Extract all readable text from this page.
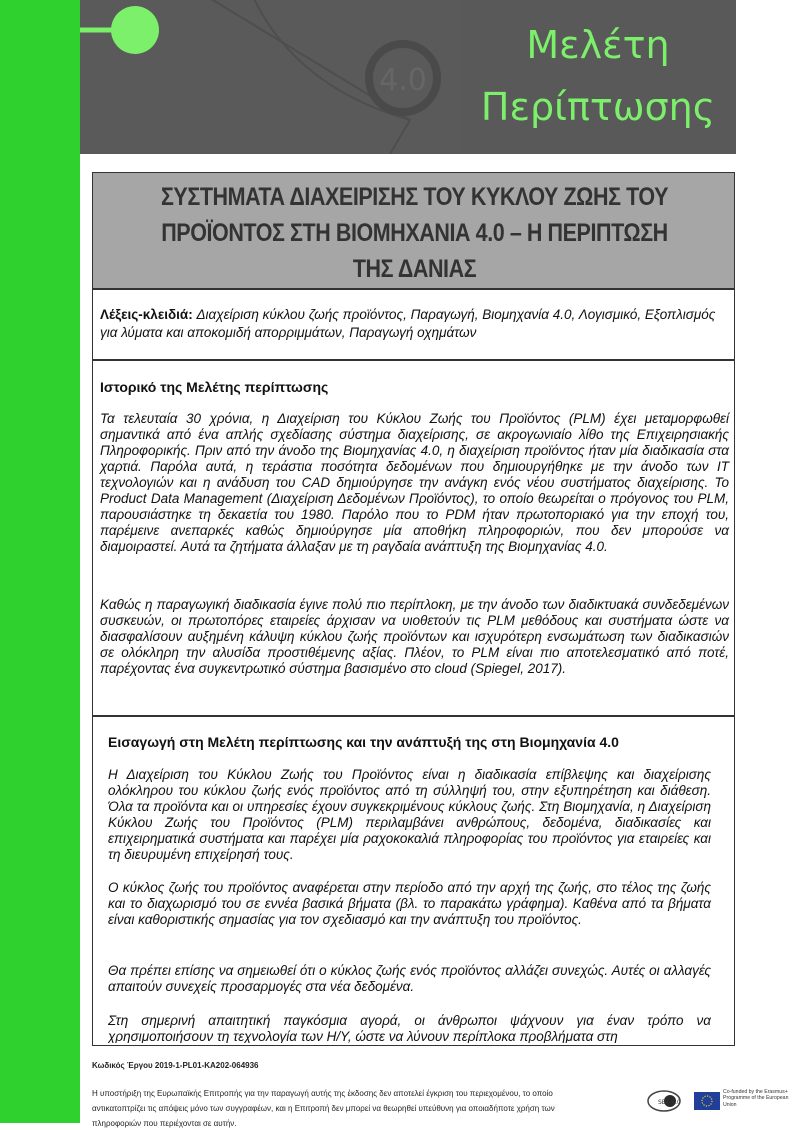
4.0
Μελέτη
Περίπτωσης
ΣΥΣΤΗΜΑΤΑ ΔΙΑΧΕΙΡΙΣΗΣ ΤΟΥ ΚΥΚΛΟΥ ΖΩΗΣ ΤΟΥ
ΠΡΟΪΟΝΤΟΣ ΣΤΗ ΒΙΟΜΗΧΑΝΙΑ 4.0 – Η ΠΕΡΙΠΤΩΣΗ
ΤΗΣ ΔΑΝΙΑΣ
Λέξεις-κλειδιά: Διαχείριση κύκλου ζωής προϊόντος, Παραγωγή, Βιομηχανία 4.0, Λογισμικό, Εξοπλισμός για λύματα και αποκομιδή απορριμμάτων, Παραγωγή οχημάτων
Ιστορικό της Μελέτης περίπτωσης
Τα τελευταία 30 χρόνια, η Διαχείριση του Κύκλου Ζωής του Προϊόντος (PLM) έχει μεταμορφωθεί σημαντικά από ένα απλής σχεδίασης σύστημα διαχείρισης, σε ακρογωνιαίο λίθο της Επιχειρησιακής Πληροφορικής. Πριν από την άνοδο της Βιομηχανίας 4.0, η διαχείριση προϊόντος ήταν μία διαδικασία στα χαρτιά. Παρόλα αυτά, η τεράστια ποσότητα δεδομένων που δημιουργήθηκε με την άνοδο των IT τεχνολογιών και η ανάδυση του CAD δημιούργησε την ανάγκη ενός νέου συστήματος διαχείρισης. Το Product Data Management (Διαχείριση Δεδομένων Προϊόντος), το οποίο θεωρείται ο πρόγονος του PLM, παρουσιάστηκε τη δεκαετία του 1980. Παρόλο που το PDM ήταν πρωτοποριακό για την εποχή του, παρέμεινε ανεπαρκές καθώς δημιούργησε μία αποθήκη πληροφοριών, που δεν μπορούσε να διαμοιραστεί. Αυτά τα ζητήματα άλλαξαν με τη ραγδαία ανάπτυξη της Βιομηχανίας 4.0.
Καθώς η παραγωγική διαδικασία έγινε πολύ πιο περίπλοκη, με την άνοδο των διαδικτυακά συνδεδεμένων συσκευών, οι πρωτοπόρες εταιρείες άρχισαν να υιοθετούν τις PLM μεθόδους και συστήματα ώστε να διασφαλίσουν αυξημένη κάλυψη κύκλου ζωής προϊόντων και ισχυρότερη ενσωμάτωση των διαδικασιών σε ολόκληρη την αλυσίδα προστιθέμενης αξίας. Πλέον, το PLM είναι πιο αποτελεσματικό από ποτέ, παρέχοντας ένα συγκεντρωτικό σύστημα βασισμένο στο cloud (Spiegel, 2017).
Εισαγωγή στη Μελέτη περίπτωσης και την ανάπτυξή της στη Βιομηχανία 4.0
Η Διαχείριση του Κύκλου Ζωής του Προϊόντος είναι η διαδικασία επίβλεψης και διαχείρισης ολόκληρου του κύκλου ζωής ενός προϊόντος από τη σύλληψή του, στην εξυπηρέτηση και διάθεση. Όλα τα προϊόντα και οι υπηρεσίες έχουν συγκεκριμένους κύκλους ζωής. Στη Βιομηχανία, η Διαχείριση Κύκλου Ζωής του Προϊόντος (PLM) περιλαμβάνει ανθρώπους, δεδομένα, διαδικασίες και επιχειρηματικά συστήματα και παρέχει μία ραχοκοκαλιά πληροφορίας του προϊόντος για εταιρείες και τη διευρυμένη επιχείρησή τους.
Ο κύκλος ζωής του προϊόντος αναφέρεται στην περίοδο από την αρχή της ζωής, στο τέλος της ζωής και το διαχωρισμό του σε εννέα βασικά βήματα (βλ. το παρακάτω γράφημα). Καθένα από τα βήματα είναι καθοριστικής σημασίας για τον σχεδιασμό και την ανάπτυξη του προϊόντος.
Θα πρέπει επίσης να σημειωθεί ότι ο κύκλος ζωής ενός προϊόντος αλλάζει συνεχώς. Αυτές οι αλλαγές απαιτούν συνεχείς προσαρμογές στα νέα δεδομένα.
Στη σημερινή απαιτητική παγκόσμια αγορά, οι άνθρωποι ψάχνουν για έναν τρόπο να χρησιμοποιήσουν τη τεχνολογία των Η/Υ, ώστε να λύνουν περίπλοκα προβλήματα στη
Κωδικός Έργου 2019-1-PL01-KA202-064936
Η υποστήριξη της Ευρωπαϊκής Επιτροπής για την παραγωγή αυτής της έκδοσης δεν αποτελεί έγκριση του περιεχομένου, το οποίο αντικατοπτρίζει τις απόψεις μόνο των συγγραφέων, και η Επιτροπή δεν μπορεί να θεωρηθεί υπεύθυνη για οποιαδήποτε χρήση των πληροφοριών που περιέχονται σε αυτήν.
SEE 4.0
Co-funded by the Erasmus+ Programme of the European Union
